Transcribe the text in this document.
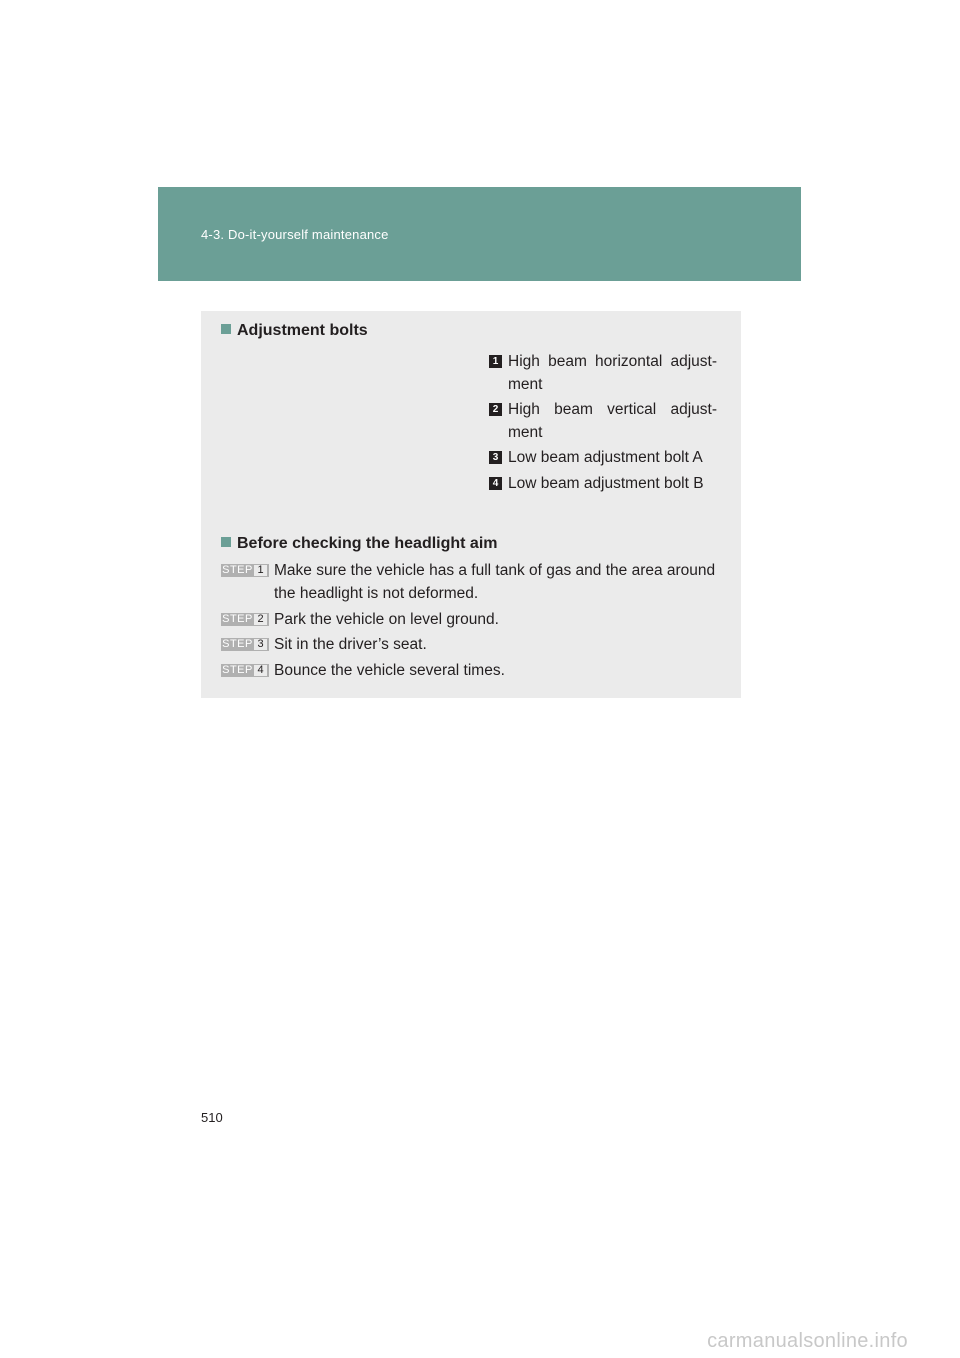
4-3. Do-it-yourself maintenance
Adjustment bolts
1 High beam horizontal adjust-
ment
2 High beam vertical adjust-
ment
3 Low beam adjustment bolt A
4 Low beam adjustment bolt B
Before checking the headlight aim
STEP 1 Make sure the vehicle has a full tank of gas and the area around
the headlight is not deformed.
STEP 2 Park the vehicle on level ground.
STEP 3 Sit in the driver’s seat.
STEP 4 Bounce the vehicle several times.
510
carmanualsonline.info
